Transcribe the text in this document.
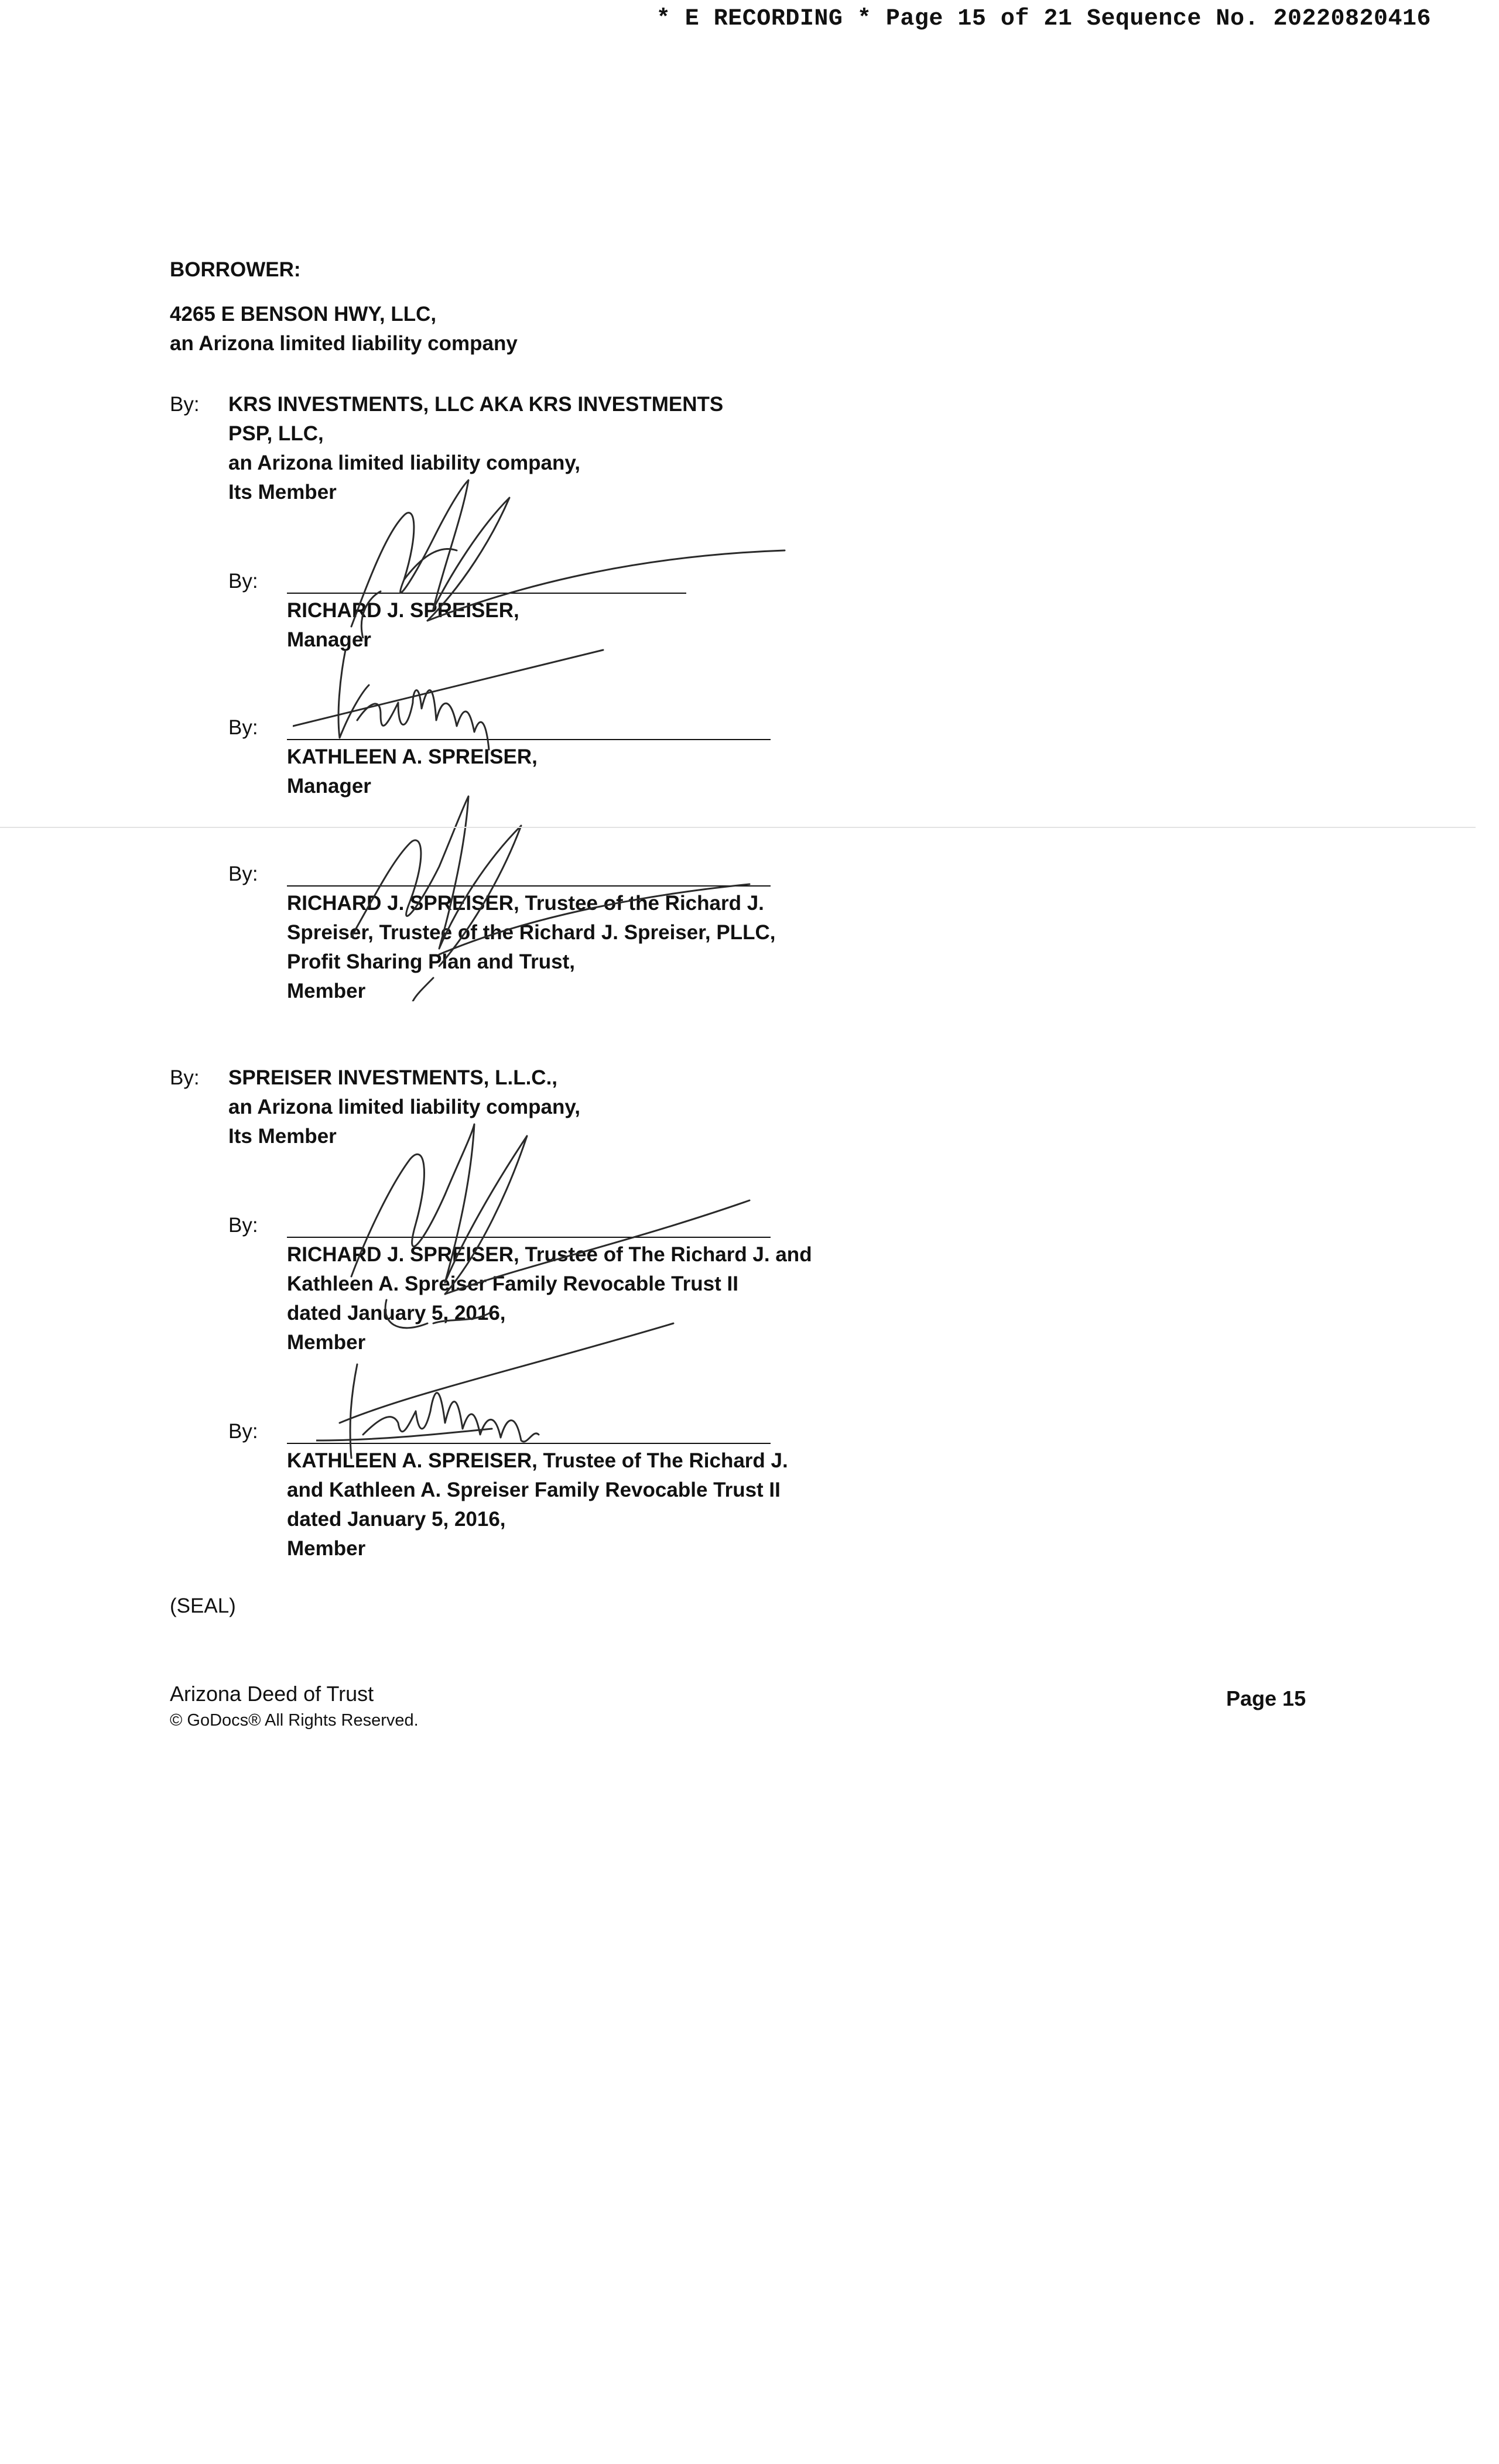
* E RECORDING * Page 15 of 21 Sequence No. 20220820416
BORROWER:
4265 E BENSON HWY, LLC,
an Arizona limited liability company
By: KRS INVESTMENTS, LLC AKA KRS INVESTMENTS
PSP, LLC,
an Arizona limited liability company,
Its Member
By:
RICHARD J. SPREISER,
Manager
By:
KATHLEEN A. SPREISER,
Manager
By:
RICHARD J. SPREISER, Trustee of the Richard J.
Spreiser, Trustee of the Richard J. Spreiser, PLLC,
Profit Sharing Plan and Trust,
Member
By: SPREISER INVESTMENTS, L.L.C.,
an Arizona limited liability company,
Its Member
By:
RICHARD J. SPREISER, Trustee of The Richard J. and
Kathleen A. Spreiser Family Revocable Trust II
dated January 5, 2016,
Member
By:
KATHLEEN A. SPREISER, Trustee of The Richard J.
and Kathleen A. Spreiser Family Revocable Trust II
dated January 5, 2016,
Member
(SEAL)
Arizona Deed of Trust
© GoDocs® All Rights Reserved.
Page 15
